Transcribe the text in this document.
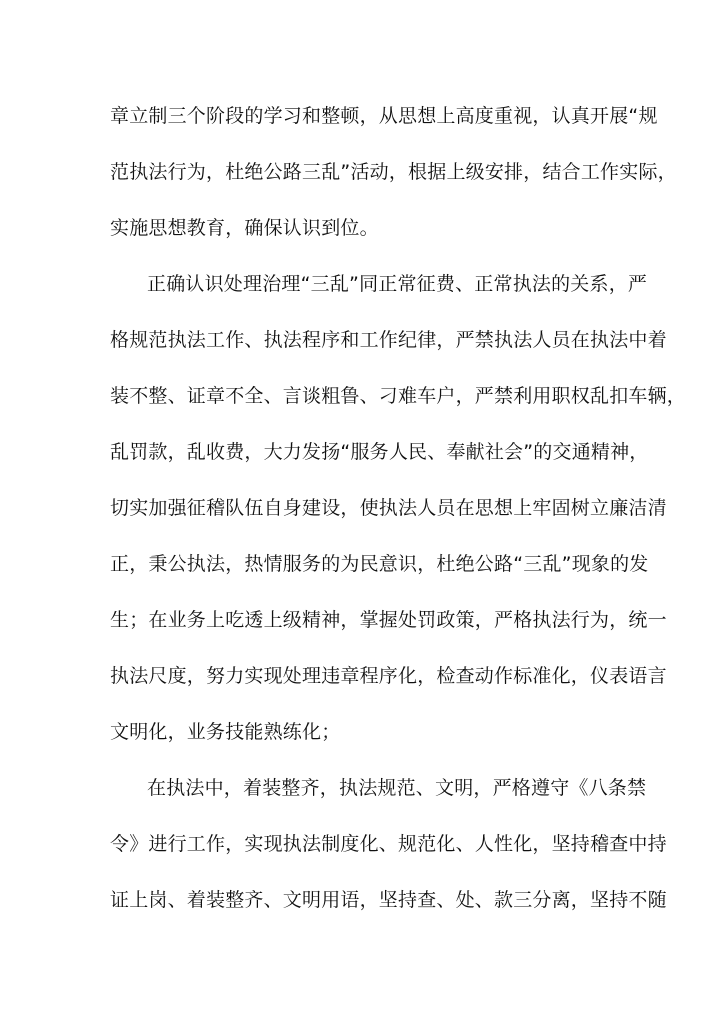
章立制三个阶段的学习和整顿，从思想上高度重视，认真开展“规

范执法行为，杜绝公路三乱”活动，根据上级安排，结合工作实际，

实施思想教育，确保认识到位。

正确认识处理治理“三乱”同正常征费、正常执法的关系，严

格规范执法工作、执法程序和工作纪律，严禁执法人员在执法中着

装不整、证章不全、言谈粗鲁、刁难车户，严禁利用职权乱扣车辆，

乱罚款，乱收费，大力发扬“服务人民、奉献社会”的交通精神，

切实加强征稽队伍自身建设，使执法人员在思想上牢固树立廉洁清

正，秉公执法，热情服务的为民意识，杜绝公路“三乱”现象的发

生；在业务上吃透上级精神，掌握处罚政策，严格执法行为，统一

执法尺度，努力实现处理违章程序化，检查动作标准化，仪表语言

文明化，业务技能熟练化；

在执法中，着装整齐，执法规范、文明，严格遵守《八条禁

令》进行工作，实现执法制度化、规范化、人性化，坚持稽查中持

证上岗、着装整齐、文明用语，坚持查、处、款三分离，坚持不随
